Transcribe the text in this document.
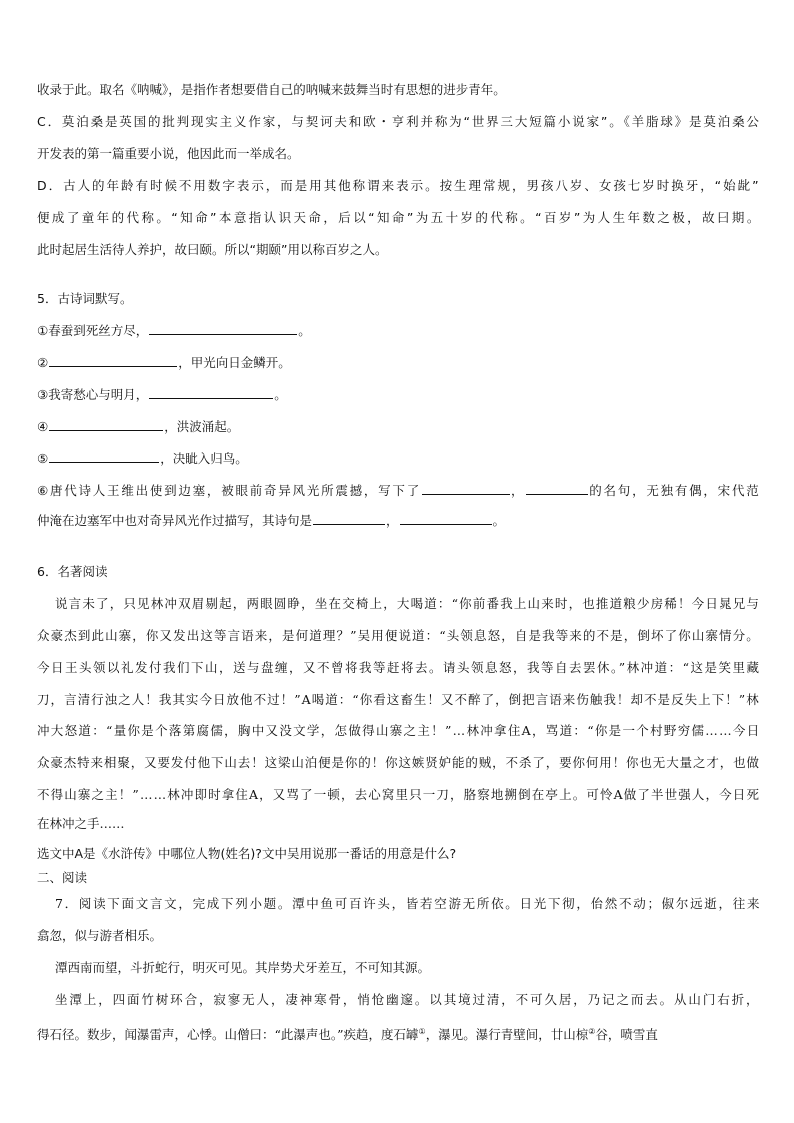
收录于此。取名《呐喊》，是指作者想要借自己的呐喊来鼓舞当时有思想的进步青年。
C．莫泊桑是英国的批判现实主义作家，与契诃夫和欧・亨利并称为“世界三大短篇小说家”。《羊脂球》是莫泊桑公
开发表的第一篇重要小说，他因此而一举成名。
D．古人的年龄有时候不用数字表示，而是用其他称谓来表示。按生理常规，男孩八岁、女孩七岁时换牙，“始龀”
便成了童年的代称。“知命”本意指认识天命，后以“知命”为五十岁的代称。“百岁”为人生年数之极，故曰期。
此时起居生活待人养护，故曰颐。所以“期颐”用以称百岁之人。
5．古诗词默写。
①春蚕到死丝方尽，	。
②	，甲光向日金鳞开。
③我寄愁心与明月，	。
④	，洪波涌起。
⑤	，决眦入归鸟。
⑥唐代诗人王维出使到边塞，被眼前奇异风光所震撼，写下了	，	的名句，无独有偶，宋代范
仲淹在边塞军中也对奇异风光作过描写，其诗句是	，	。
6．名著阅读
说言未了，只见林冲双眉剔起，两眼圆睁，坐在交椅上，大喝道：“你前番我上山来时，也推道粮少房稀！今日晁兄与
众豪杰到此山寨，你又发出这等言语来，是何道理？”吴用便说道：“头领息怒，自是我等来的不是，倒坏了你山寨情分。
今日王头领以礼发付我们下山，送与盘缠，又不曾将我等赶将去。请头领息怒，我等自去罢休。”林冲道：“这是笑里藏
刀，言清行浊之人！我其实今日放他不过！”A喝道：“你看这畜生！又不醉了，倒把言语来伤触我！却不是反失上下！”林
冲大怒道：“量你是个落第腐儒，胸中又没文学，怎做得山寨之主！”…林冲拿住A，骂道：“你是一个村野穷儒……今日
众豪杰特来相聚，又要发付他下山去！这梁山泊便是你的！你这嫉贤妒能的贼，不杀了，要你何用！你也无大量之才，也做
不得山寨之主！”……林冲即时拿住A，又骂了一顿，去心窝里只一刀，胳察地搠倒在亭上。可怜A做了半世强人，今日死
在林冲之手……
选文中A是《水浒传》中哪位人物(姓名)?文中吴用说那一番话的用意是什么?
二、阅读
7．阅读下面文言文，完成下列小题。潭中鱼可百许头，皆若空游无所依。日光下彻，佁然不动；俶尔远逝，往来
翕忽，似与游者相乐。
潭西南而望，斗折蛇行，明灭可见。其岸势犬牙差互，不可知其源。
坐潭上，四面竹树环合，寂寥无人，凄神寒骨，悄怆幽邃。以其境过清，不可久居，乃记之而去。从山门右折，
得石径。数步，闻瀑雷声，心悸。山僧曰：“此瀑声也。”疾趋，度石罅①，瀑见。瀑行青壁间，廿山椋②谷，喷雪直
